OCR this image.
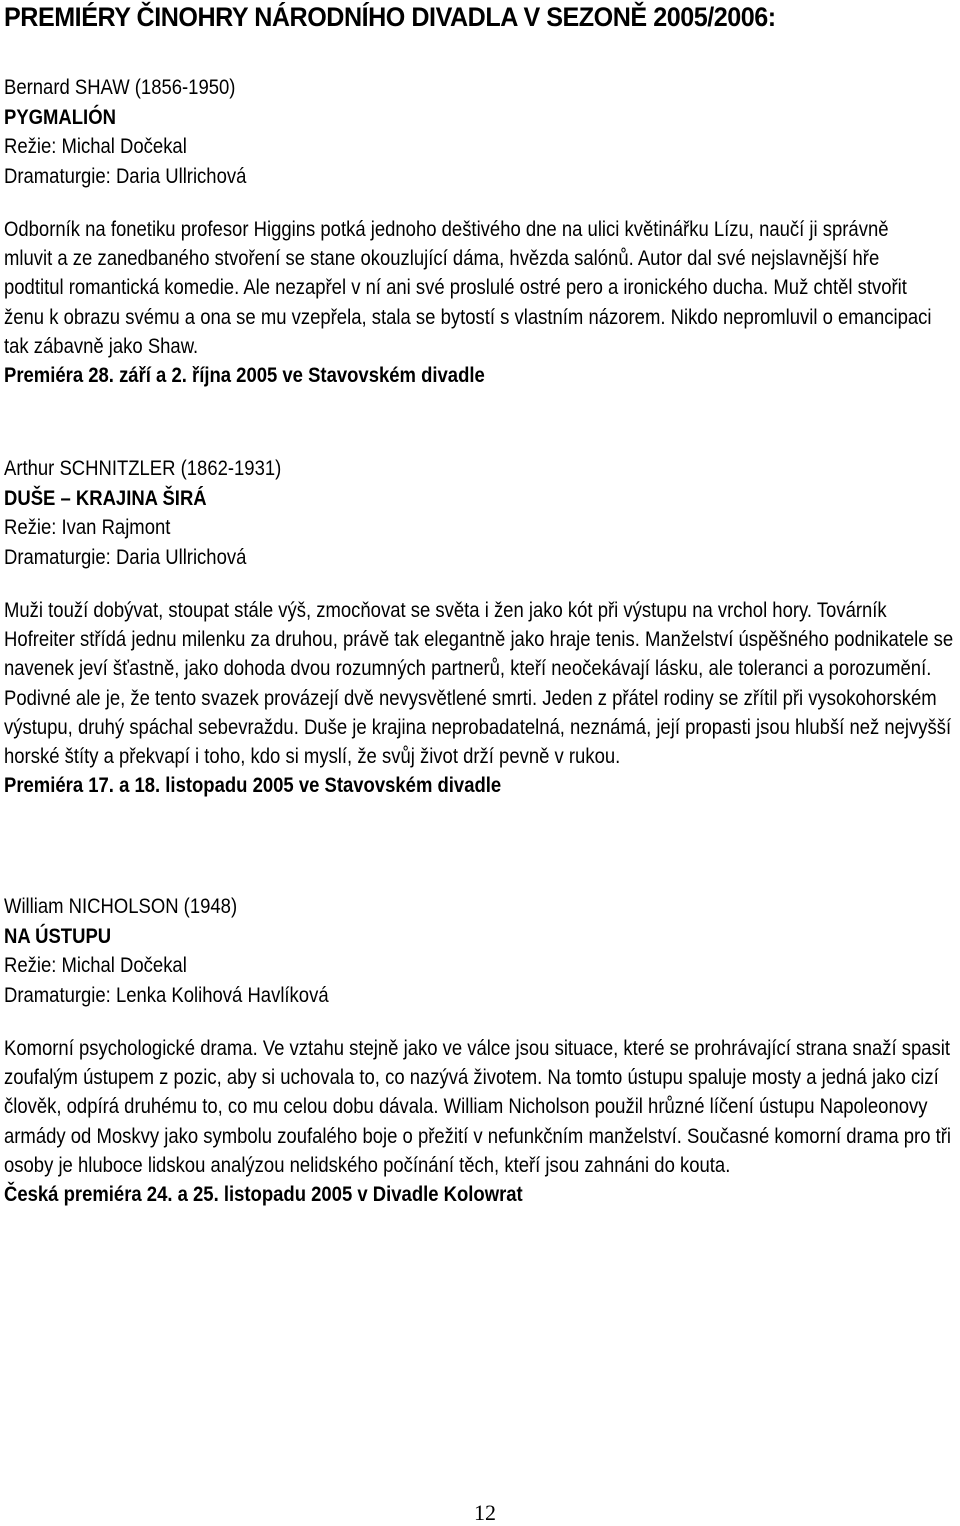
PREMIÉRY ČINOHRY NÁRODNÍHO DIVADLA V SEZONĚ 2005/2006:
Bernard SHAW (1856-1950)
PYGMALIÓN
Režie: Michal Dočekal
Dramaturgie: Daria Ullrichová

Odborník na fonetiku profesor Higgins potká jednoho deštivého dne na ulici květinářku Lízu, naučí ji správně mluvit a ze zanedbaného stvoření se stane okouzlující dáma, hvězda salónů. Autor dal své nejslavnější hře podtitul romantická komedie. Ale nezapřel v ní ani své proslulé ostré pero a ironického ducha. Muž chtěl stvořit ženu k obrazu svému a ona se mu vzepřela, stala se bytostí s vlastním názorem. Nikdo nepromluvil o emancipaci tak zábavně jako Shaw.

Premiéra 28. září a 2. října 2005 ve Stavovském divadle
Arthur SCHNITZLER (1862-1931)
DUŠE – KRAJINA ŠIRÁ
Režie: Ivan Rajmont
Dramaturgie: Daria Ullrichová

Muži touží dobývat, stoupat stále výš, zmocňovat se světa i žen jako kót při výstupu na vrchol hory. Továrník Hofreiter střídá jednu milenku za druhou, právě tak elegantně jako hraje tenis. Manželství úspěšného podnikatele se navenek jeví šťastně, jako dohoda dvou rozumných partnerů, kteří neočekávají lásku, ale toleranci a porozumění. Podivné ale je, že tento svazek provázejí dvě nevysvětlené smrti. Jeden z přátel rodiny se zřítil při vysokohorském výstupu, druhý spáchal sebevraždu. Duše je krajina neprobadatelná, neznámá, její propasti jsou hlubší než nejvyšší horské štíty a překvapí i toho, kdo si myslí, že svůj život drží pevně v rukou.

Premiéra 17. a 18. listopadu 2005 ve Stavovském divadle
William NICHOLSON (1948)
NA ÚSTUPU
Režie: Michal Dočekal
Dramaturgie: Lenka Kolihová Havlíková

Komorní psychologické drama. Ve vztahu stejně jako ve válce jsou situace, které se prohrávající strana snaží spasit zoufalým ústupem z pozic, aby si uchovala to, co nazývá životem. Na tomto ústupu spaluje mosty a jedná jako cizí člověk, odpírá druhému to, co mu celou dobu dávala. William Nicholson použil hrůzné líčení ústupu Napoleonovy armády od Moskvy jako symbolu zoufalého boje o přežití v nefunkčním manželství. Současné komorní drama pro tři osoby je hluboce lidskou analýzou nelidského počínání těch, kteří jsou zahnáni do kouta.

Česká premiéra 24. a 25. listopadu 2005 v Divadle Kolowrat
12
